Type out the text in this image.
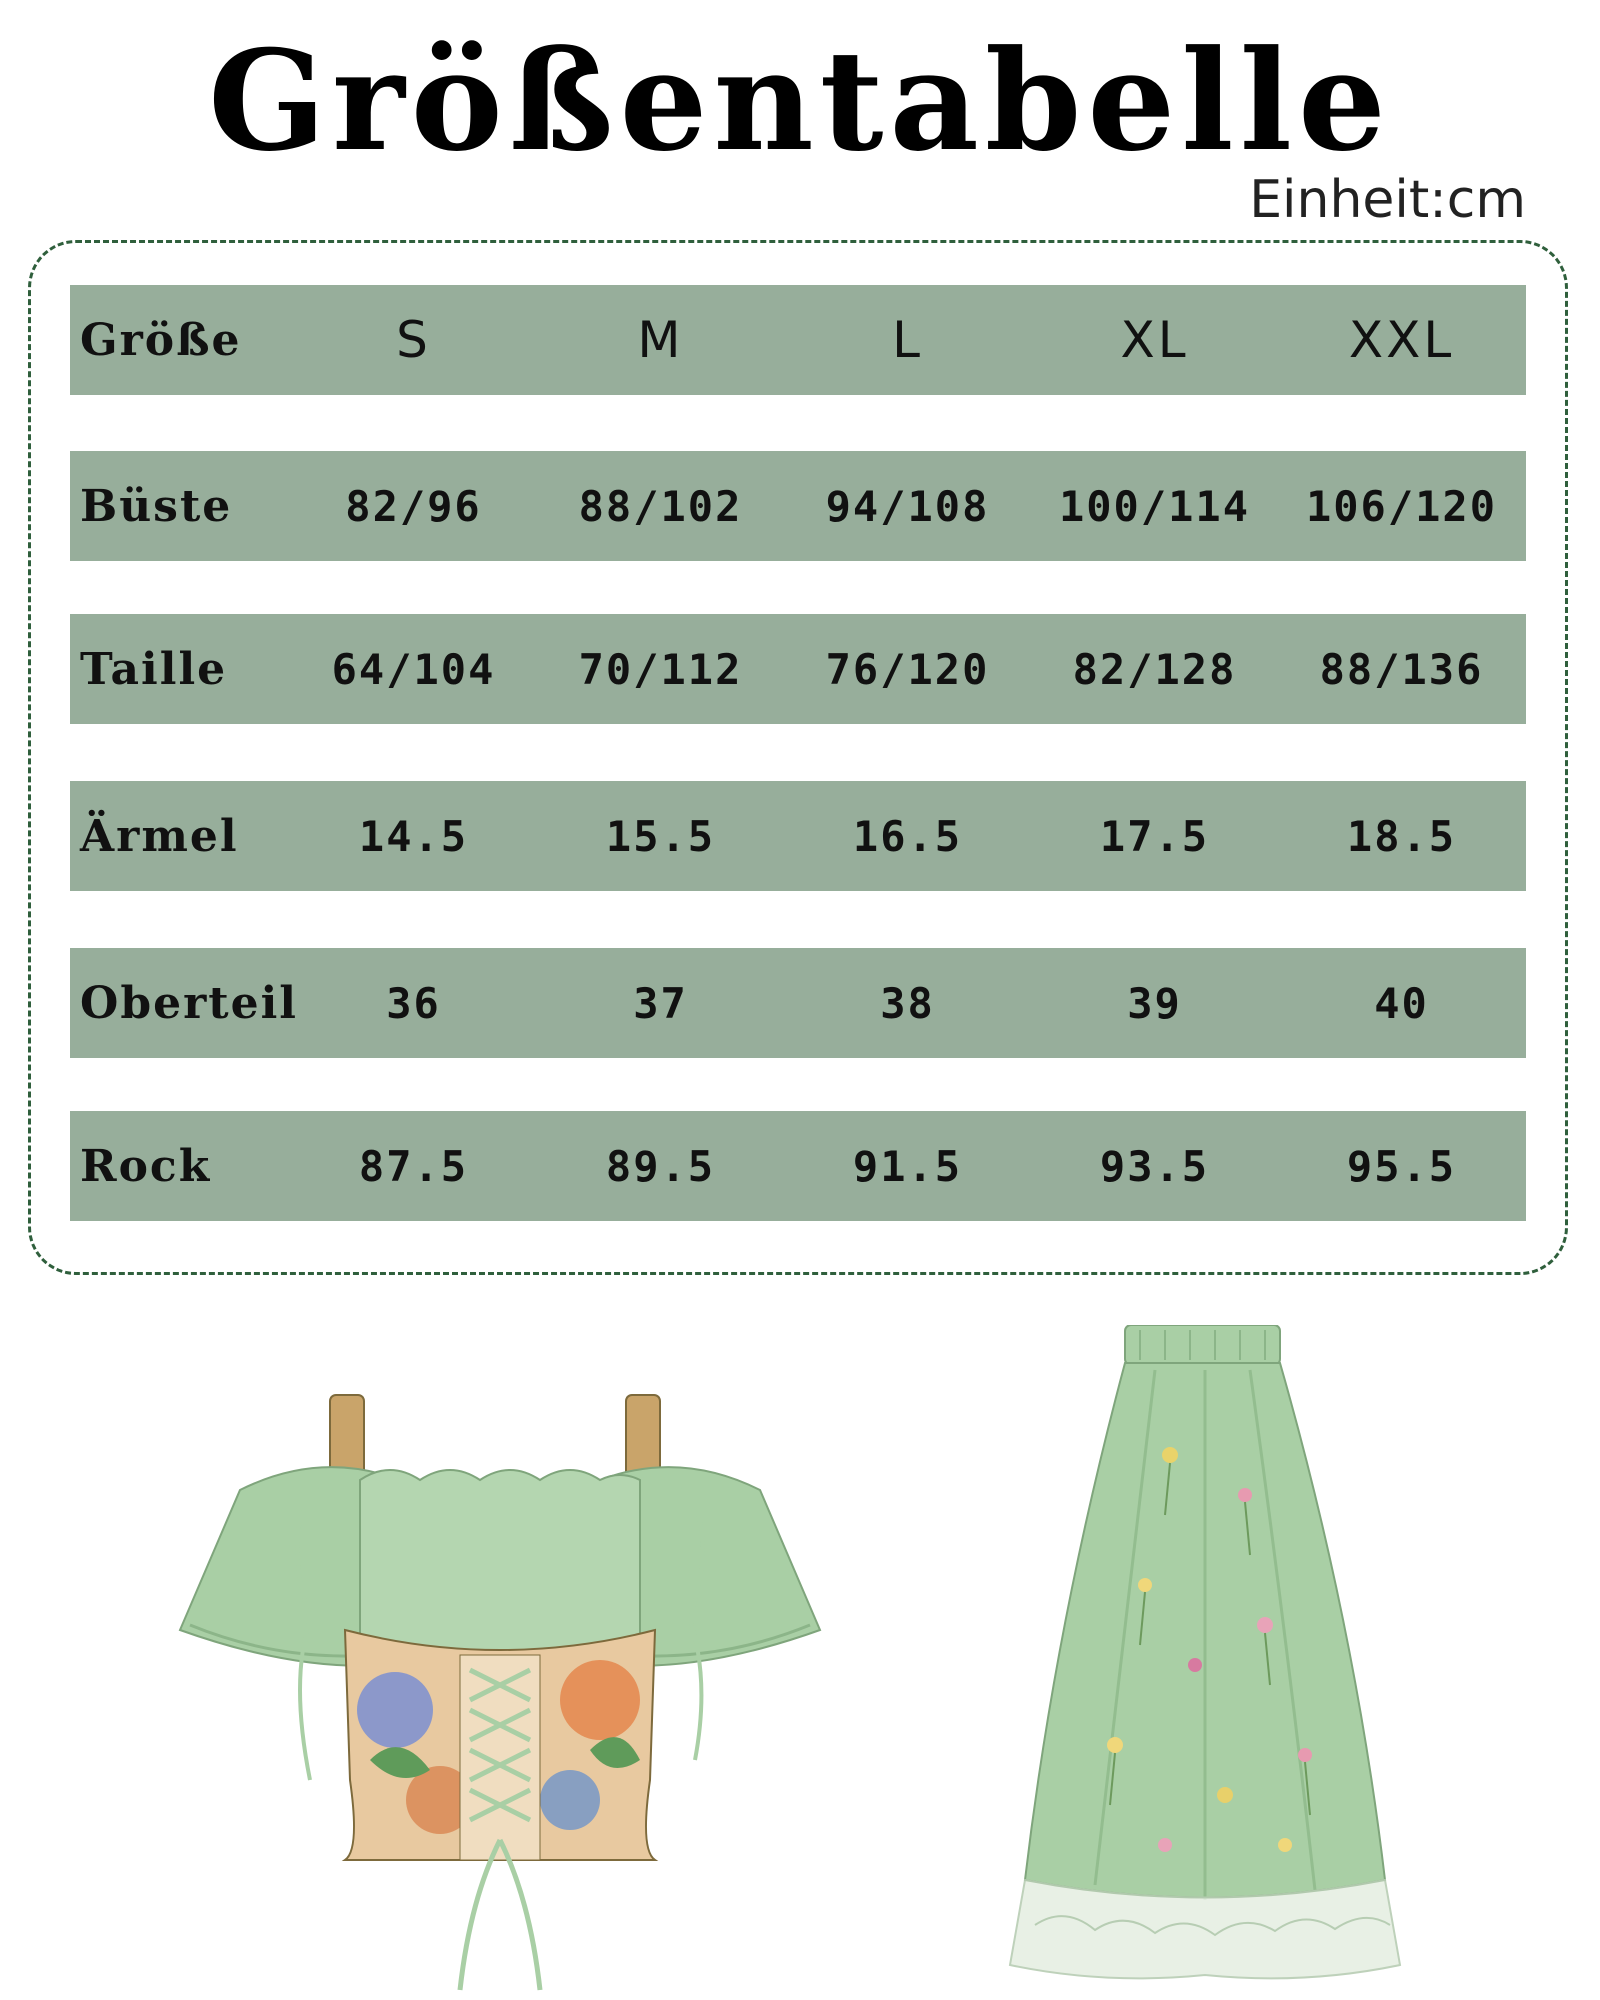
Größentabelle
Einheit:cm
Größe	S	M	L	XL	XXL
Büste	82/96	88/102	94/108	100/114	106/120
Taille	64/104	70/112	76/120	82/128	88/136
Ärmel	14.5	15.5	16.5	17.5	18.5
Oberteil	36	37	38	39	40
Rock	87.5	89.5	91.5	93.5	95.5
